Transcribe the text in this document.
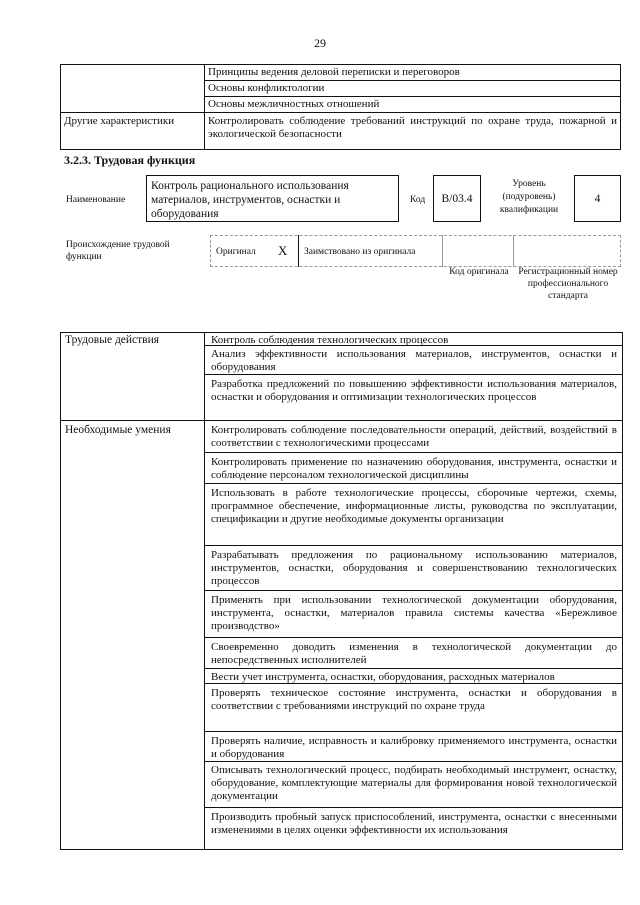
29
Принципы ведения деловой переписки и переговоров
Основы конфликтологии
Основы межличностных отношений
Другие характеристики	Контролировать соблюдение требований инструкций по охране труда, пожарной и экологической безопасности
3.2.3. Трудовая функция
Наименование
Контроль рационального использования материалов, инструментов, оснастки и оборудования
Код	B/03.4
Уровень (подуровень) квалификации
4
Происхождение трудовой функции	Оригинал X Заимствовано из оригинала
Код оригинала Регистрационный номер профессионального стандарта
Трудовые действия	Контроль соблюдения технологических процессов
Анализ эффективности использования материалов, инструментов, оснастки и оборудования
Разработка предложений по повышению эффективности использования материалов, оснастки и оборудования и оптимизации технологических процессов
Необходимые умения	Контролировать соблюдение последовательности операций, действий, воздействий в соответствии с технологическими процессами
Контролировать применение по назначению оборудования, инструмента, оснастки и соблюдение персоналом технологической дисциплины
Использовать в работе технологические процессы, сборочные чертежи, схемы, программное обеспечение, информационные листы, руководства по эксплуатации, спецификации и другие необходимые документы организации
Разрабатывать предложения по рациональному использованию материалов, инструментов, оснастки, оборудования и совершенствованию технологических процессов
Применять при использовании технологической документации оборудования, инструмента, оснастки, материалов правила системы качества «Бережливое производство»
Своевременно доводить изменения в технологической документации до непосредственных исполнителей
Вести учет инструмента, оснастки, оборудования, расходных материалов
Проверять техническое состояние инструмента, оснастки и оборудования в соответствии с требованиями инструкций по охране труда
Проверять наличие, исправность и калибровку применяемого инструмента, оснастки и оборудования
Описывать технологический процесс, подбирать необходимый инструмент, оснастку, оборудование, комплектующие материалы для формирования новой технологической документации
Производить пробный запуск приспособлений, инструмента, оснастки с внесенными изменениями в целях оценки эффективности их использования
